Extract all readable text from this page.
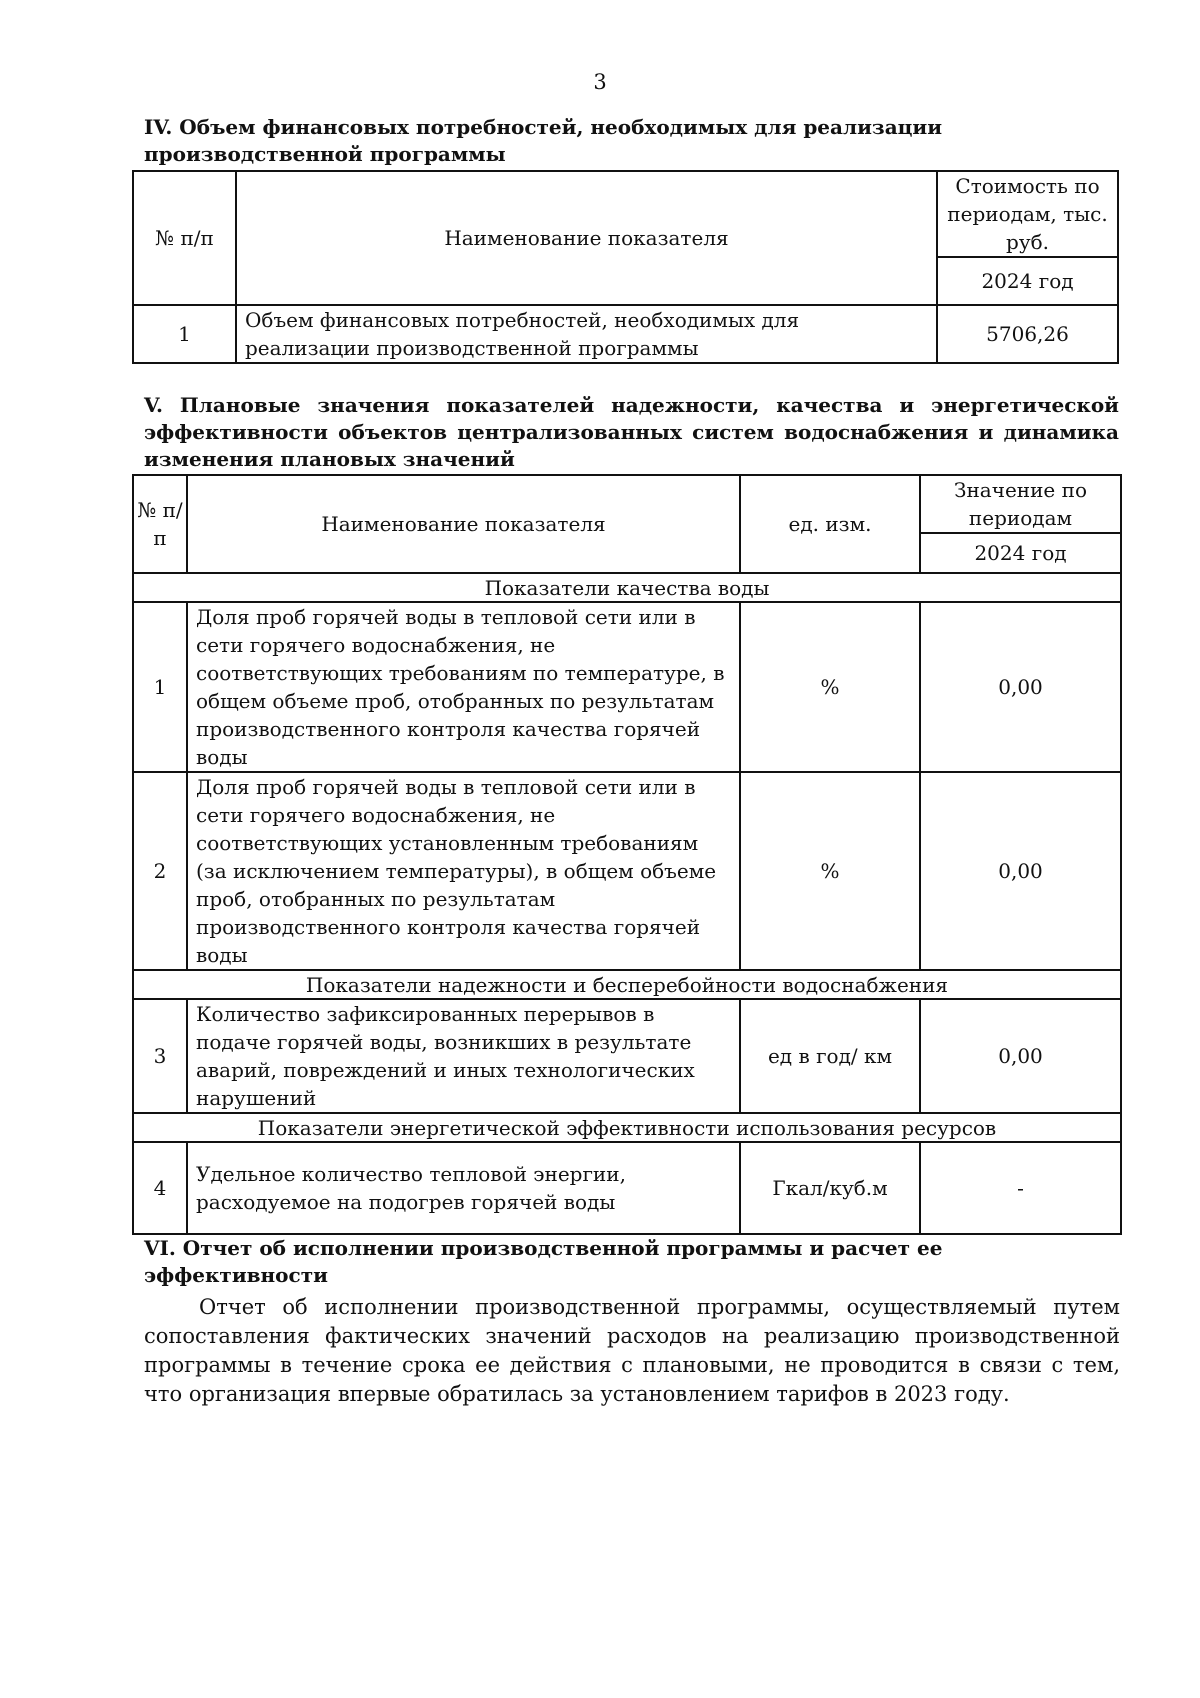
3
IV. Объем финансовых потребностей, необходимых для реализации производственной программы
№ п/п	Наименование показателя	Стоимость по периодам, тыс. руб.
		2024 год
1	Объем финансовых потребностей, необходимых для реализации производственной программы	5706,26
V. Плановые значения показателей надежности, качества и энергетической эффективности объектов централизованных систем водоснабжения и динамика изменения плановых значений
№ п/п	Наименование показателя	ед. изм.	Значение по периодам
			2024 год
Показатели качества воды			
1	Доля проб горячей воды в тепловой сети или в сети горячего водоснабжения, не соответствующих требованиям по температуре, в общем объеме проб, отобранных по результатам производственного контроля качества горячей воды	%	0,00
2	Доля проб горячей воды в тепловой сети или в сети горячего водоснабжения, не соответствующих установленным требованиям (за исключением температуры), в общем объеме проб, отобранных по результатам производственного контроля качества горячей воды	%	0,00
Показатели надежности и бесперебойности водоснабжения			
3	Количество зафиксированных перерывов в подаче горячей воды, возникших в результате аварий, повреждений и иных технологических нарушений	ед в год/ км	0,00
Показатели энергетической эффективности использования ресурсов			
4	Удельное количество тепловой энергии, расходуемое на подогрев горячей воды	Гкал/куб.м	-
VI. Отчет об исполнении производственной программы и расчет ее эффективности
Отчет об исполнении производственной программы, осуществляемый путем сопоставления фактических значений расходов на реализацию производственной программы в течение срока ее действия с плановыми, не проводится в связи с тем, что организация впервые обратилась за установлением тарифов в 2023 году.
